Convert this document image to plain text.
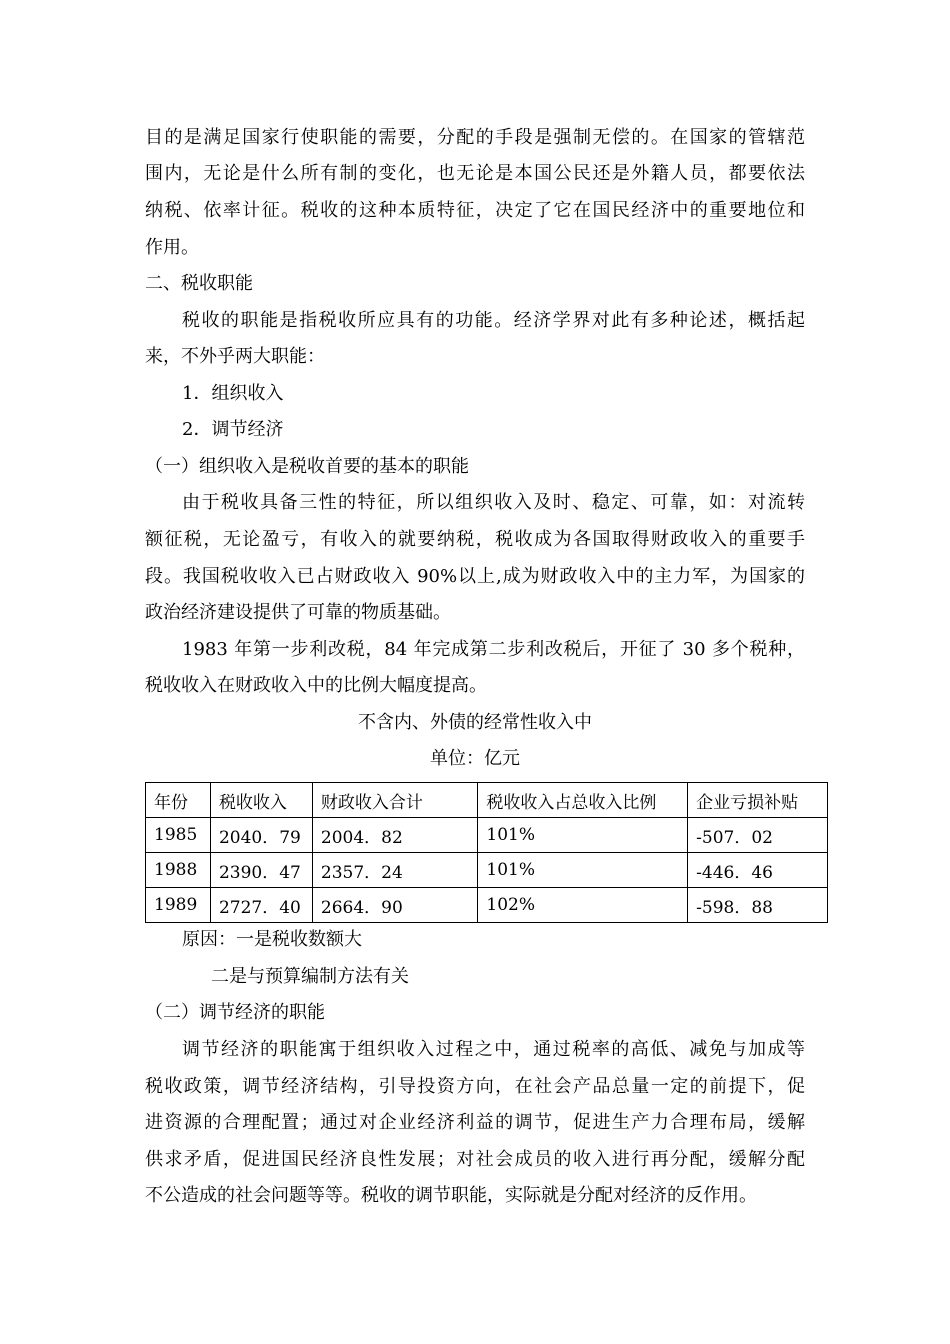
目的是满足国家行使职能的需要，分配的手段是强制无偿的。在国家的管辖范
围内，无论是什么所有制的变化，也无论是本国公民还是外籍人员，都要依法
纳税、依率计征。税收的这种本质特征，决定了它在国民经济中的重要地位和
作用。
二、税收职能
税收的职能是指税收所应具有的功能。经济学界对此有多种论述，概括起
来，不外乎两大职能：
1．组织收入
2．调节经济
（一）组织收入是税收首要的基本的职能
由于税收具备三性的特征，所以组织收入及时、稳定、可靠，如：对流转
额征税，无论盈亏，有收入的就要纳税，税收成为各国取得财政收入的重要手
段。我国税收收入已占财政收入 90%以上,成为财政收入中的主力军，为国家的
政治经济建设提供了可靠的物质基础。
1983 年第一步利改税，84 年完成第二步利改税后，开征了 30 多个税种，
税收收入在财政收入中的比例大幅度提高。
不含内、外债的经常性收入中
单位：亿元
年份	税收收入	财政收入合计	税收收入占总收入比例	企业亏损补贴
1985	2040．79	2004．82	101%	-507．02
1988	2390．47	2357．24	101%	-446．46
1989	2727．40	2664．90	102%	-598．88
原因：一是税收数额大
二是与预算编制方法有关
（二）调节经济的职能
调节经济的职能寓于组织收入过程之中，通过税率的高低、减免与加成等
税收政策，调节经济结构，引导投资方向，在社会产品总量一定的前提下，促
进资源的合理配置；通过对企业经济利益的调节，促进生产力合理布局，缓解
供求矛盾，促进国民经济良性发展；对社会成员的收入进行再分配，缓解分配
不公造成的社会问题等等。税收的调节职能，实际就是分配对经济的反作用。
